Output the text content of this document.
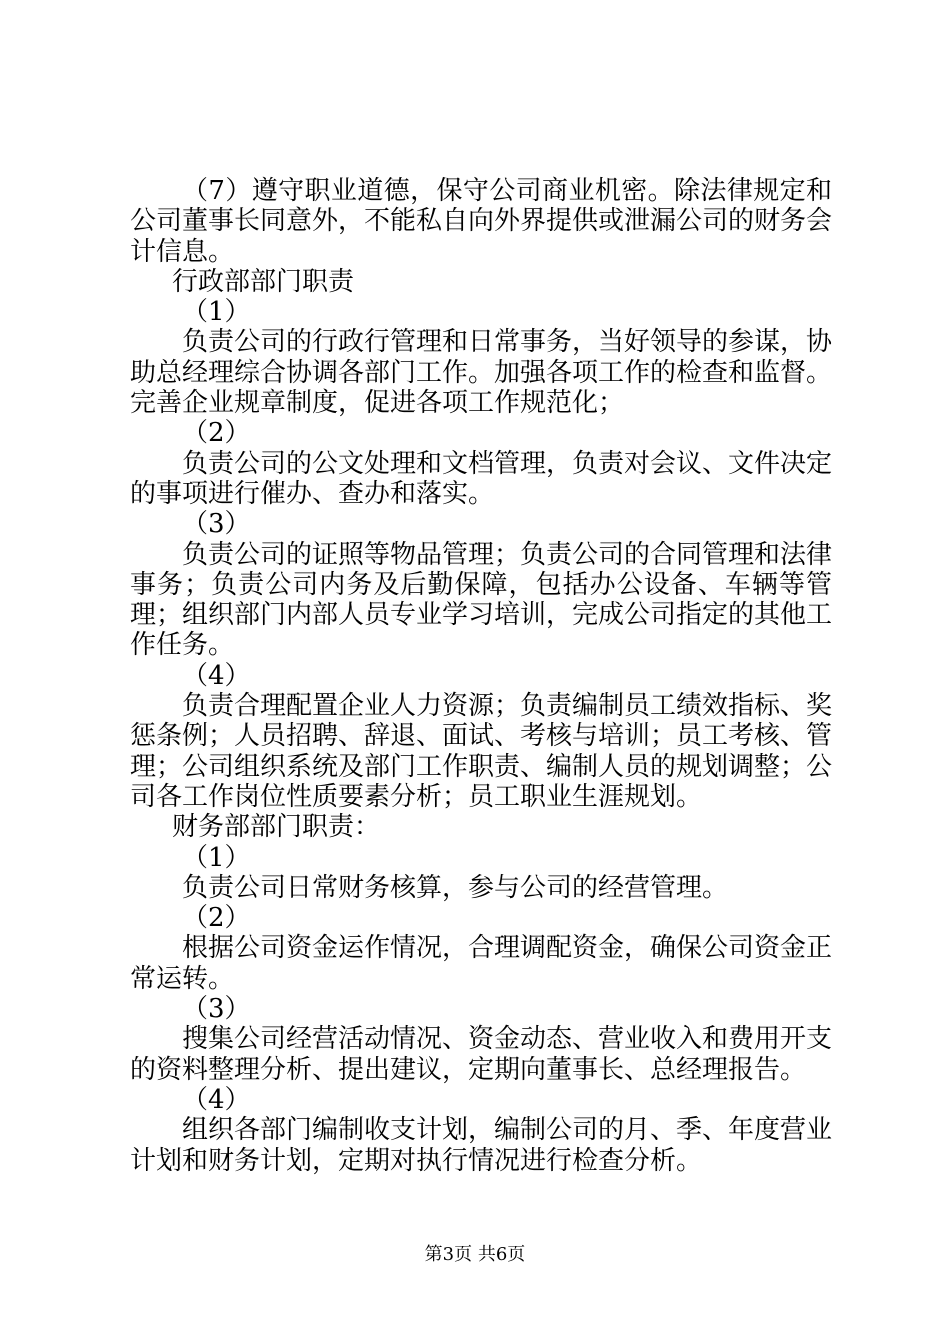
（7）遵守职业道德，保守公司商业机密。除法律规定和公司董事长同意外，不能私自向外界提供或泄漏公司的财务会计信息。

行政部部门职责

（1）

负责公司的行政行管理和日常事务，当好领导的参谋，协助总经理综合协调各部门工作。加强各项工作的检查和监督。完善企业规章制度，促进各项工作规范化；

（2）

负责公司的公文处理和文档管理，负责对会议、文件决定的事项进行催办、查办和落实。

（3）

负责公司的证照等物品管理；负责公司的合同管理和法律事务；负责公司内务及后勤保障，包括办公设备、车辆等管理；组织部门内部人员专业学习培训，完成公司指定的其他工作任务。

（4）

负责合理配置企业人力资源；负责编制员工绩效指标、奖惩条例；人员招聘、辞退、面试、考核与培训；员工考核、管理；公司组织系统及部门工作职责、编制人员的规划调整；公司各工作岗位性质要素分析；员工职业生涯规划。

财务部部门职责：

（1）

负责公司日常财务核算，参与公司的经营管理。

（2）

根据公司资金运作情况，合理调配资金，确保公司资金正常运转。

（3）

搜集公司经营活动情况、资金动态、营业收入和费用开支的资料整理分析、提出建议，定期向董事长、总经理报告。

（4）

组织各部门编制收支计划，编制公司的月、季、年度营业计划和财务计划，定期对执行情况进行检查分析。

第3页 共6页
